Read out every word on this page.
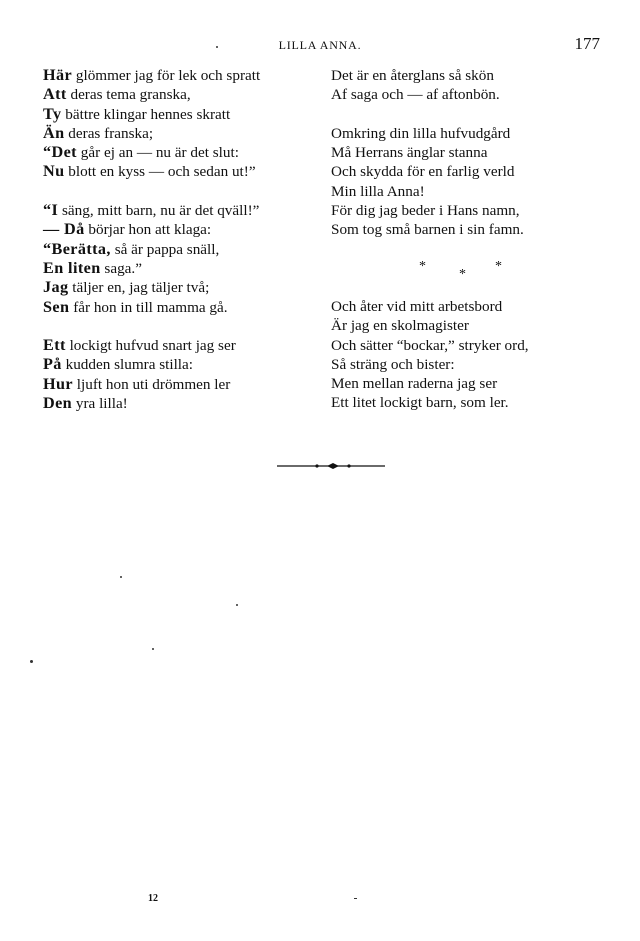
LILLA ANNA.	177
Här glömmer jag för lek och spratt
Att deras tema granska,
Ty bättre klingar hennes skratt
Än deras franska;
“Det går ej an — nu är det slut:
Nu blott en kyss — och sedan ut!”
“I säng, mitt barn, nu är det qväll!”
— Då börjar hon att klaga:
“Berätta, så är pappa snäll,
En liten saga.”
Jag täljer en, jag täljer två;
Sen får hon in till mamma gå.
Ett lockigt hufvud snart jag ser
På kudden slumra stilla:
Hur ljuft hon uti drömmen ler
Den yra lilla!
Det är en återglans så skön
Af saga och — af aftonbön.
Omkring din lilla hufvudgård
Må Herrans änglar stanna
Och skydda för en farlig verld
Min lilla Anna!
För dig jag beder i Hans namn,
Som tog små barnen i sin famn.
*
*
*
Och åter vid mitt arbetsbord
Är jag en skolmagister
Och sätter “bockar,” stryker ord,
Så sträng och bister:
Men mellan raderna jag ser
Ett litet lockigt barn, som ler.
12
